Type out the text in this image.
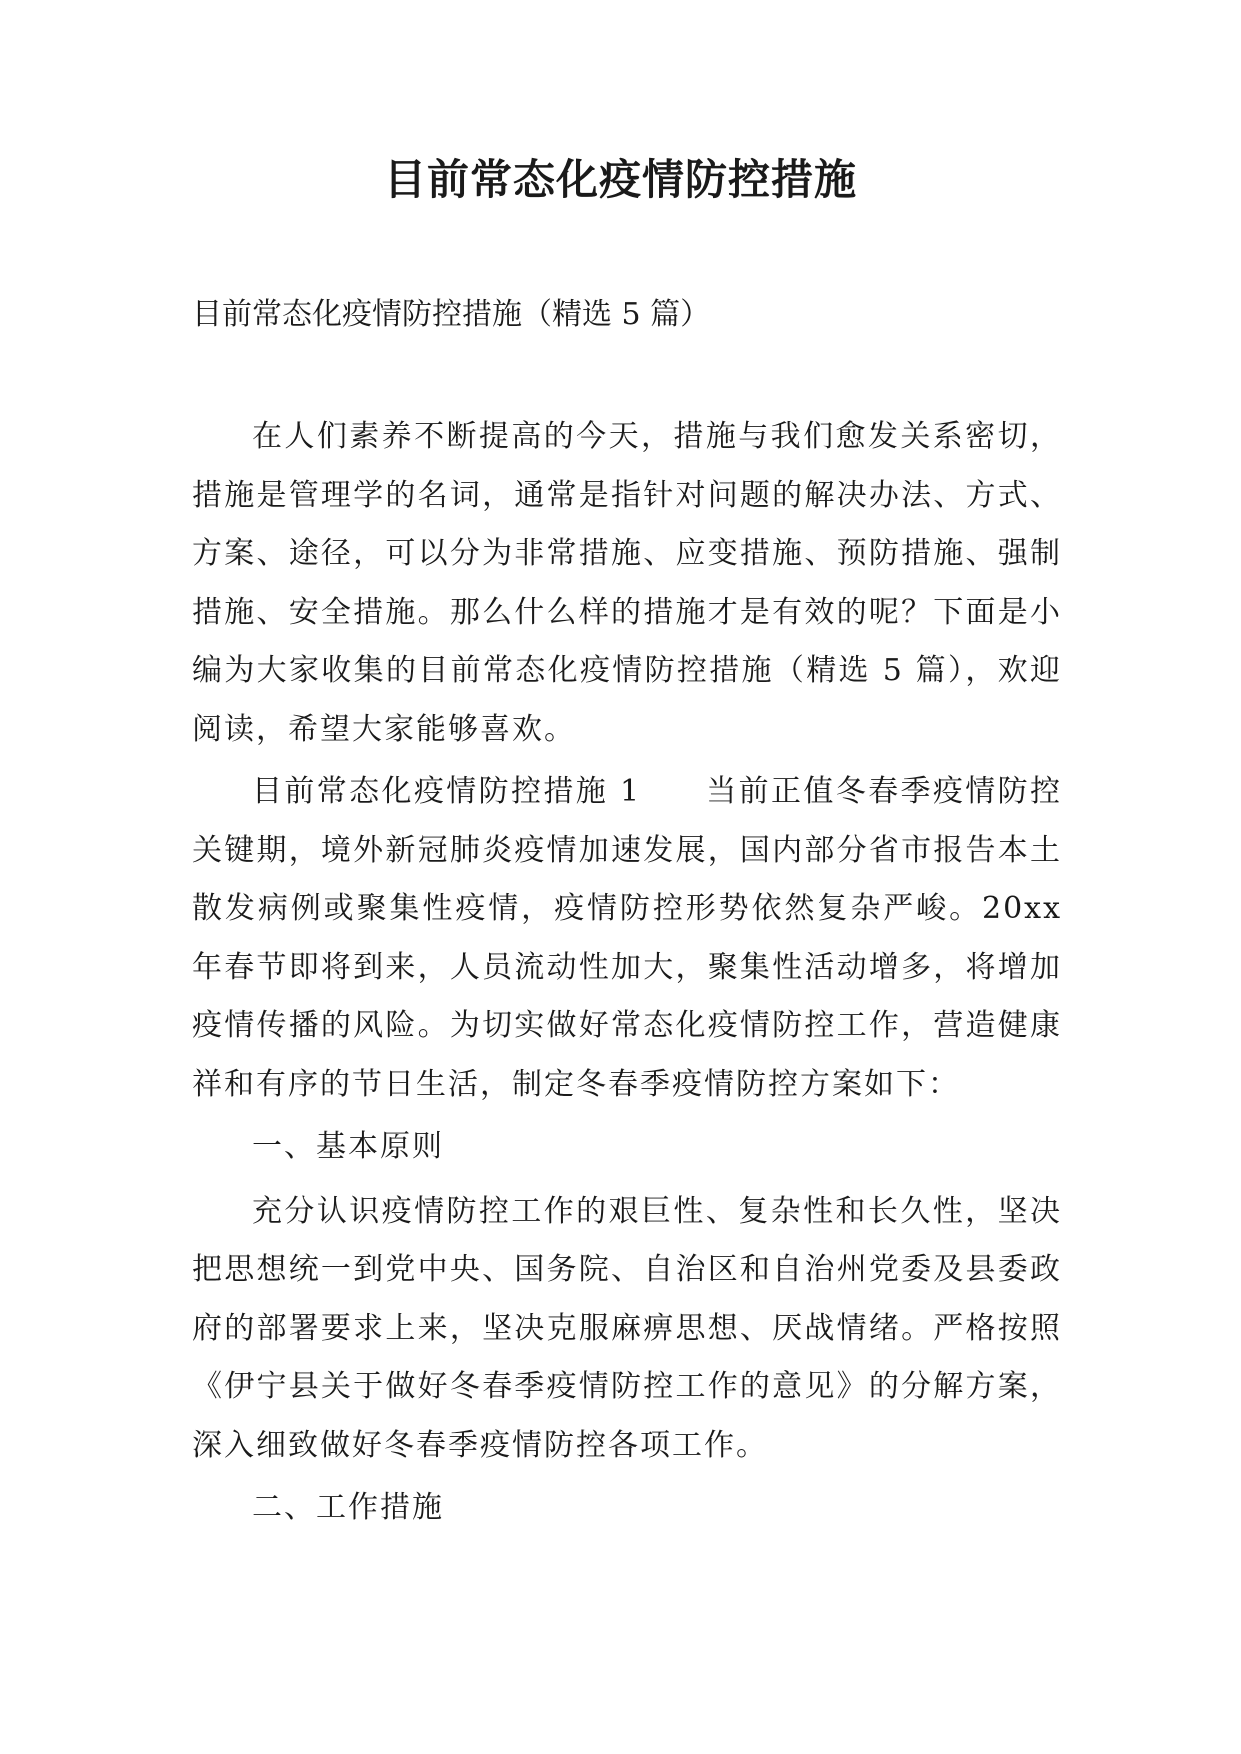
目前常态化疫情防控措施
目前常态化疫情防控措施（精选 5 篇）

在人们素养不断提高的今天，措施与我们愈发关系密切，措施是管理学的名词，通常是指针对问题的解决办法、方式、方案、途径，可以分为非常措施、应变措施、预防措施、强制措施、安全措施。那么什么样的措施才是有效的呢？下面是小编为大家收集的目前常态化疫情防控措施（精选 5 篇），欢迎阅读，希望大家能够喜欢。

目前常态化疫情防控措施 1　　当前正值冬春季疫情防控关键期，境外新冠肺炎疫情加速发展，国内部分省市报告本土散发病例或聚集性疫情，疫情防控形势依然复杂严峻。20xx 年春节即将到来，人员流动性加大，聚集性活动增多，将增加疫情传播的风险。为切实做好常态化疫情防控工作，营造健康祥和有序的节日生活，制定冬春季疫情防控方案如下：

一、基本原则

充分认识疫情防控工作的艰巨性、复杂性和长久性，坚决把思想统一到党中央、国务院、自治区和自治州党委及县委政府的部署要求上来，坚决克服麻痹思想、厌战情绪。严格按照《伊宁县关于做好冬春季疫情防控工作的意见》的分解方案，深入细致做好冬春季疫情防控各项工作。

二、工作措施
